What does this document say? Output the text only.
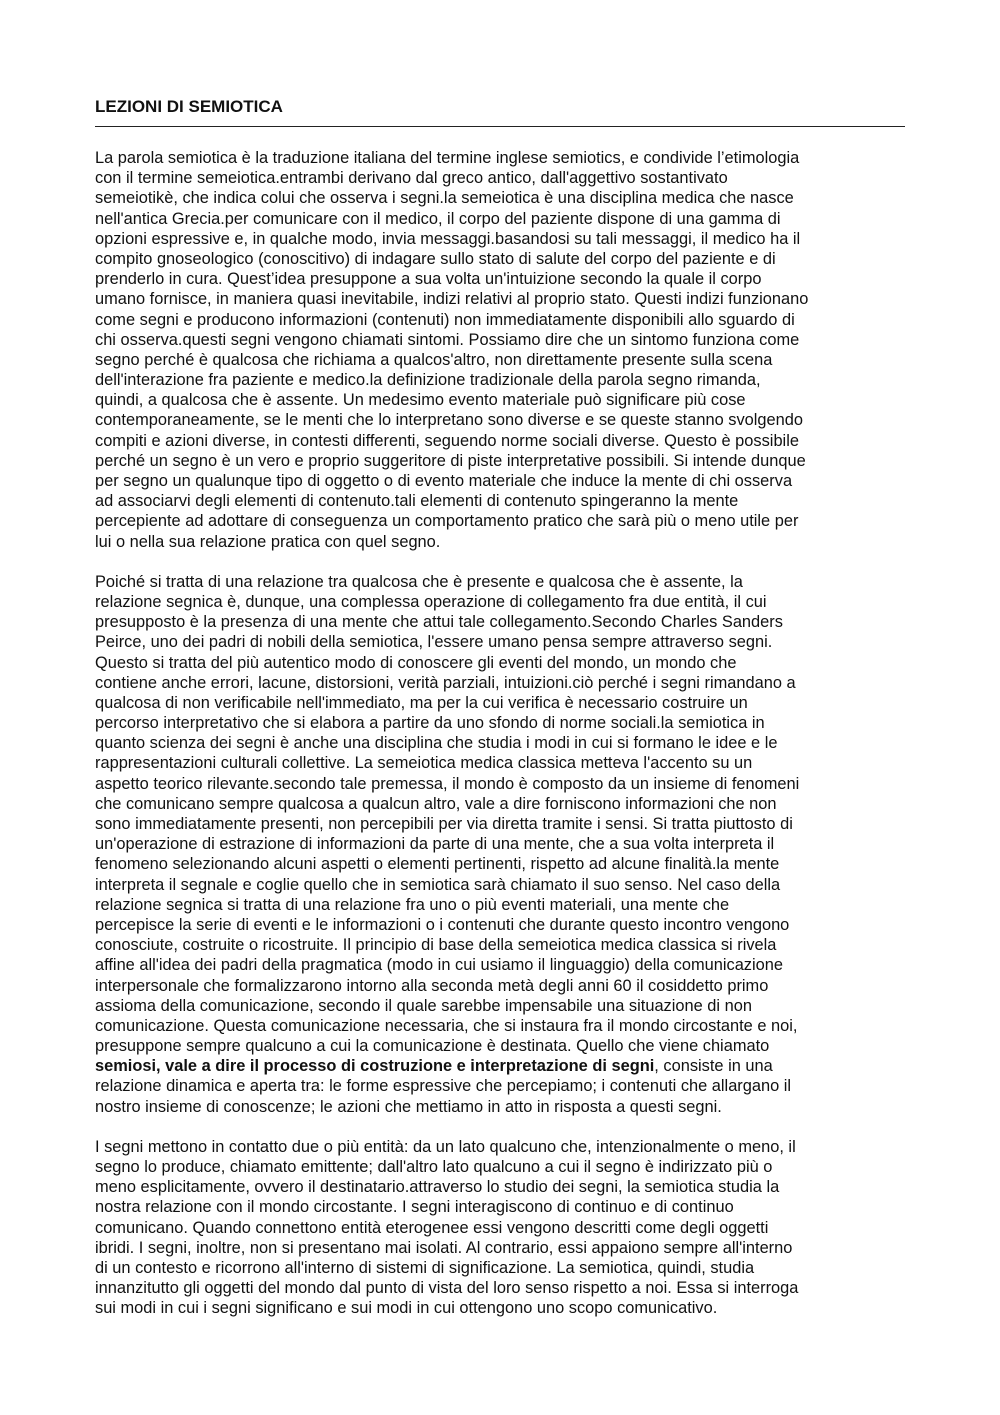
LEZIONI DI SEMIOTICA
La parola semiotica è la traduzione italiana del termine inglese semiotics, e condivide l’etimologia
con il termine semeiotica.entrambi derivano dal greco antico, dall'aggettivo sostantivato
semeiotikè, che indica colui che osserva i segni.la semeiotica è una disciplina medica che nasce
nell'antica Grecia.per comunicare con il medico, il corpo del paziente dispone di una gamma di
opzioni espressive e, in qualche modo, invia messaggi.basandosi su tali messaggi, il medico ha il
compito gnoseologico (conoscitivo) di indagare sullo stato di salute del corpo del paziente e di
prenderlo in cura. Quest’idea presuppone a sua volta un'intuizione secondo la quale il corpo
umano fornisce, in maniera quasi inevitabile, indizi relativi al proprio stato. Questi indizi funzionano
come segni e producono informazioni (contenuti) non immediatamente disponibili allo sguardo di
chi osserva.questi segni vengono chiamati sintomi. Possiamo dire che un sintomo funziona come
segno perché è qualcosa che richiama a qualcos'altro, non direttamente presente sulla scena
dell'interazione fra paziente e medico.la definizione tradizionale della parola segno rimanda,
quindi, a qualcosa che è assente. Un medesimo evento materiale può significare più cose
contemporaneamente, se le menti che lo interpretano sono diverse e se queste stanno svolgendo
compiti e azioni diverse, in contesti differenti, seguendo norme sociali diverse. Questo è possibile
perché un segno è un vero e proprio suggeritore di piste interpretative possibili. Si intende dunque
per segno un qualunque tipo di oggetto o di evento materiale che induce la mente di chi osserva
ad associarvi degli elementi di contenuto.tali elementi di contenuto spingeranno la mente
percepiente ad adottare di conseguenza un comportamento pratico che sarà più o meno utile per
lui o nella sua relazione pratica con quel segno.
Poiché si tratta di una relazione tra qualcosa che è presente e qualcosa che è assente, la
relazione segnica è, dunque, una complessa operazione di collegamento fra due entità, il cui
presupposto è la presenza di una mente che attui tale collegamento.Secondo Charles Sanders
Peirce, uno dei padri di nobili della semiotica, l'essere umano pensa sempre attraverso segni.
Questo si tratta del più autentico modo di conoscere gli eventi del mondo, un mondo che
contiene anche errori, lacune, distorsioni, verità parziali, intuizioni.ciò perché i segni rimandano a
qualcosa di non verificabile nell'immediato, ma per la cui verifica è necessario costruire un
percorso interpretativo che si elabora a partire da uno sfondo di norme sociali.la semiotica in
quanto scienza dei segni è anche una disciplina che studia i modi in cui si formano le idee e le
rappresentazioni culturali collettive. La semeiotica medica classica metteva l'accento su un
aspetto teorico rilevante.secondo tale premessa, il mondo è composto da un insieme di fenomeni
che comunicano sempre qualcosa a qualcun altro, vale a dire forniscono informazioni che non
sono immediatamente presenti, non percepibili per via diretta tramite i sensi. Si tratta piuttosto di
un'operazione di estrazione di informazioni da parte di una mente, che a sua volta interpreta il
fenomeno selezionando alcuni aspetti o elementi pertinenti, rispetto ad alcune finalità.la mente
interpreta il segnale e coglie quello che in semiotica sarà chiamato il suo senso. Nel caso della
relazione segnica si tratta di una relazione fra uno o più eventi materiali, una mente che
percepisce la serie di eventi e le informazioni o i contenuti che durante questo incontro vengono
conosciute, costruite o ricostruite. Il principio di base della semeiotica medica classica si rivela
affine all'idea dei padri della pragmatica (modo in cui usiamo il linguaggio) della comunicazione
interpersonale che formalizzarono intorno alla seconda metà degli anni 60 il cosiddetto primo
assioma della comunicazione, secondo il quale sarebbe impensabile una situazione di non
comunicazione. Questa comunicazione necessaria, che si instaura fra il mondo circostante e noi,
presuppone sempre qualcuno a cui la comunicazione è destinata. Quello che viene chiamato
semiosi, vale a dire il processo di costruzione e interpretazione di segni, consiste in una
relazione dinamica e aperta tra: le forme espressive che percepiamo; i contenuti che allargano il
nostro insieme di conoscenze; le azioni che mettiamo in atto in risposta a questi segni.
I segni mettono in contatto due o più entità: da un lato qualcuno che, intenzionalmente o meno, il
segno lo produce, chiamato emittente; dall'altro lato qualcuno a cui il segno è indirizzato più o
meno esplicitamente, ovvero il destinatario.attraverso lo studio dei segni, la semiotica studia la
nostra relazione con il mondo circostante. I segni interagiscono di continuo e di continuo
comunicano. Quando connettono entità eterogenee essi vengono descritti come degli oggetti
ibridi. I segni, inoltre, non si presentano mai isolati. Al contrario, essi appaiono sempre all'interno
di un contesto e ricorrono all'interno di sistemi di significazione. La semiotica, quindi, studia
innanzitutto gli oggetti del mondo dal punto di vista del loro senso rispetto a noi. Essa si interroga
sui modi in cui i segni significano e sui modi in cui ottengono uno scopo comunicativo.
